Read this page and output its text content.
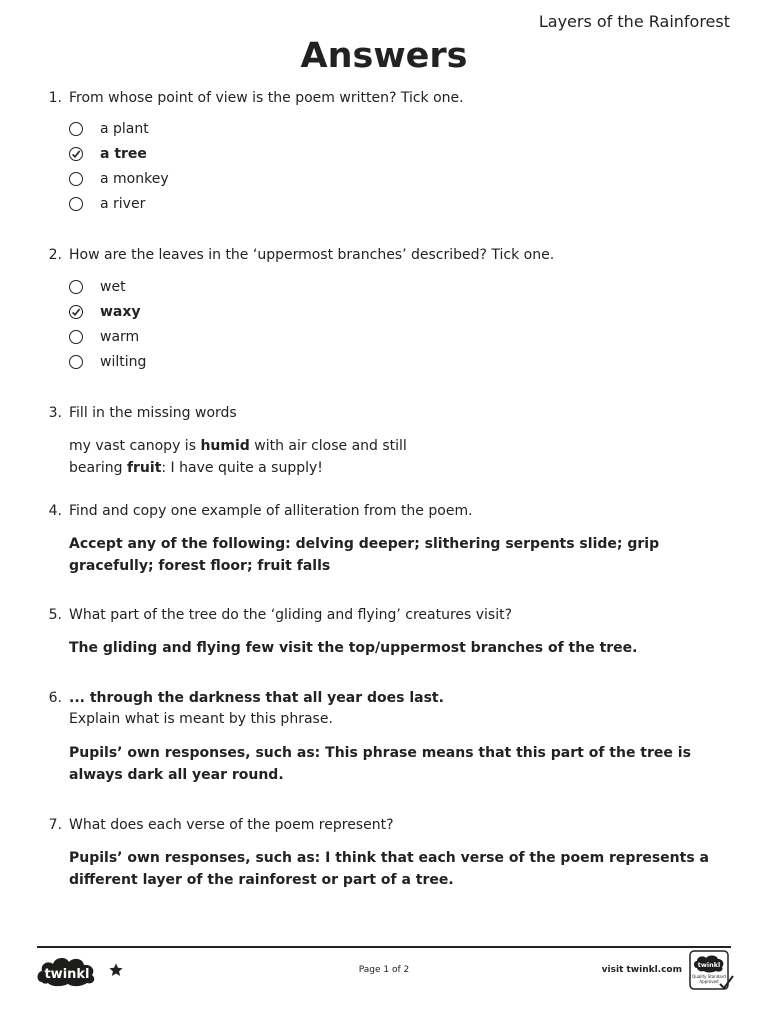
Layers of the Rainforest
Answers
1. From whose point of view is the poem written? Tick one.
a plant
a tree
a monkey
a river
2. How are the leaves in the ‘uppermost branches’ described? Tick one.
wet
waxy
warm
wilting
3. Fill in the missing words
my vast canopy is humid with air close and still
bearing fruit: I have quite a supply!
4. Find and copy one example of alliteration from the poem.
Accept any of the following: delving deeper; slithering serpents slide; grip gracefully; forest floor; fruit falls
5. What part of the tree do the ‘gliding and flying’ creatures visit?
The gliding and flying few visit the top/uppermost branches of the tree.
6. ... through the darkness that all year does last.
Explain what is meant by this phrase.
Pupils’ own responses, such as: This phrase means that this part of the tree is always dark all year round.
7. What does each verse of the poem represent?
Pupils’ own responses, such as: I think that each verse of the poem represents a different layer of the rainforest or part of a tree.
twinkl	Page 1 of 2	visit twinkl.com twinkl
Quality Standard
Approved
